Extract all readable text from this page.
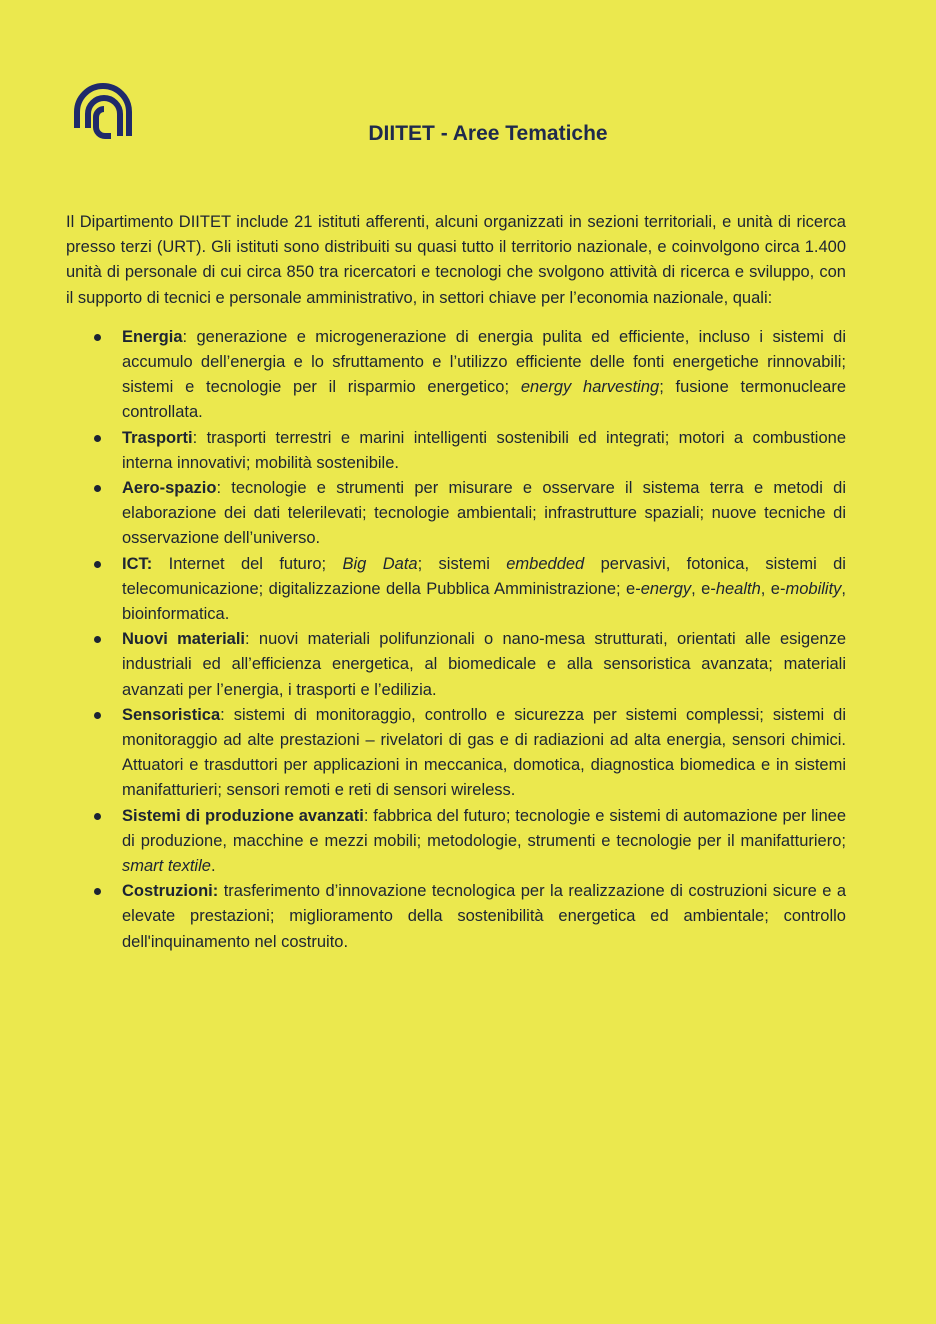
DIITET - Aree Tematiche

Il Dipartimento DIITET include 21 istituti afferenti, alcuni organizzati in sezioni territoriali, e unità di ricerca presso terzi (URT). Gli istituti sono distribuiti su quasi tutto il territorio nazionale, e coinvolgono circa 1.400 unità di personale di cui circa 850 tra ricercatori e tecnologi che svolgono attività di ricerca e sviluppo, con il supporto di tecnici e personale amministrativo, in settori chiave per l’economia nazionale, quali:

Energia: generazione e microgenerazione di energia pulita ed efficiente, incluso i sistemi di accumulo dell’energia e lo sfruttamento e l’utilizzo efficiente delle fonti energetiche rinnovabili; sistemi e tecnologie per il risparmio energetico; energy harvesting; fusione termonucleare controllata.
Trasporti: trasporti terrestri e marini intelligenti sostenibili ed integrati; motori a combustione interna innovativi; mobilità sostenibile.
Aero-spazio: tecnologie e strumenti per misurare e osservare il sistema terra e metodi di elaborazione dei dati telerilevati; tecnologie ambientali; infrastrutture spaziali; nuove tecniche di osservazione dell’universo.
ICT: Internet del futuro; Big Data; sistemi embedded pervasivi, fotonica, sistemi di telecomunicazione; digitalizzazione della Pubblica Amministrazione; e-energy, e-health, e-mobility, bioinformatica.
Nuovi materiali: nuovi materiali polifunzionali o nano-mesa strutturati, orientati alle esigenze industriali ed all’efficienza energetica, al biomedicale e alla sensoristica avanzata; materiali avanzati per l’energia, i trasporti e l’edilizia.
Sensoristica: sistemi di monitoraggio, controllo e sicurezza per sistemi complessi; sistemi di monitoraggio ad alte prestazioni – rivelatori di gas e di radiazioni ad alta energia, sensori chimici. Attuatori e trasduttori per applicazioni in meccanica, domotica, diagnostica biomedica e in sistemi manifatturieri; sensori remoti e reti di sensori wireless.
Sistemi di produzione avanzati: fabbrica del futuro; tecnologie e sistemi di automazione per linee di produzione, macchine e mezzi mobili; metodologie, strumenti e tecnologie per il manifatturiero; smart textile.
Costruzioni: trasferimento d’innovazione tecnologica per la realizzazione di costruzioni sicure e a elevate prestazioni; miglioramento della sostenibilità energetica ed ambientale; controllo dell'inquinamento nel costruito.
